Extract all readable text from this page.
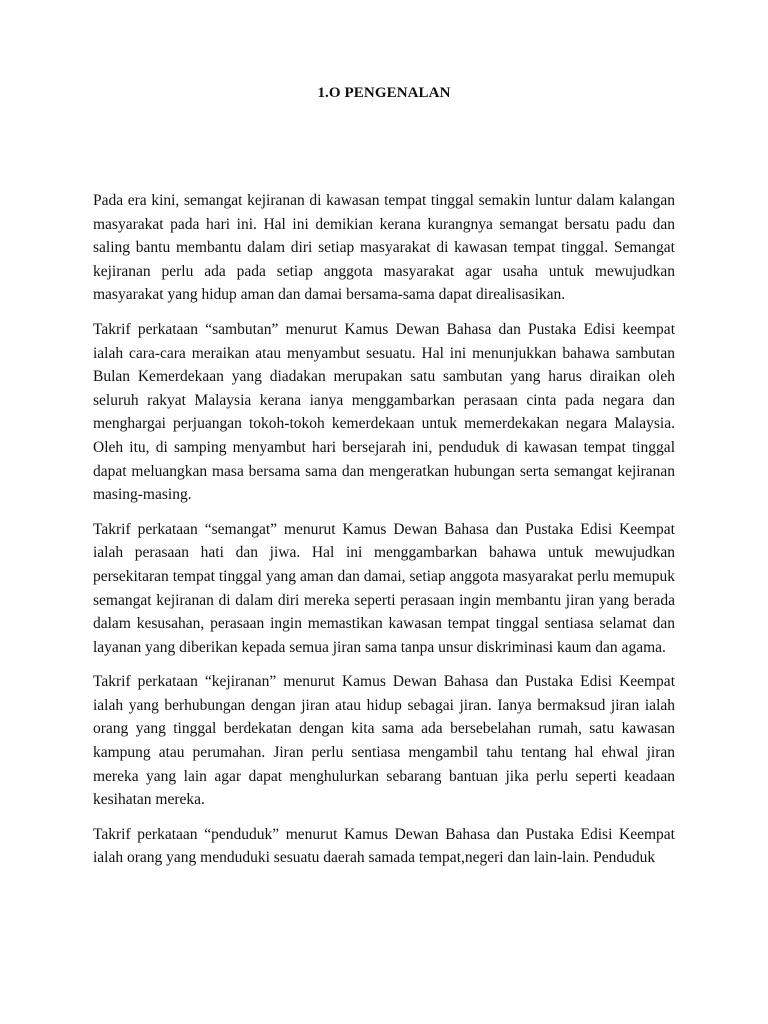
1.O PENGENALAN

Pada era kini, semangat kejiranan di kawasan tempat tinggal semakin luntur dalam kalangan masyarakat pada hari ini. Hal ini demikian kerana kurangnya semangat bersatu padu dan saling bantu membantu dalam diri setiap masyarakat di kawasan tempat tinggal. Semangat kejiranan perlu ada pada setiap anggota masyarakat agar usaha untuk mewujudkan masyarakat yang hidup aman dan damai bersama-sama dapat direalisasikan.

Takrif perkataan “sambutan” menurut Kamus Dewan Bahasa dan Pustaka Edisi keempat ialah cara-cara meraikan atau menyambut sesuatu. Hal ini menunjukkan bahawa sambutan Bulan Kemerdekaan yang diadakan merupakan satu sambutan yang harus diraikan oleh seluruh rakyat Malaysia kerana ianya menggambarkan perasaan cinta pada negara dan menghargai perjuangan tokoh-tokoh kemerdekaan untuk memerdekakan negara Malaysia. Oleh itu, di samping menyambut hari bersejarah ini, penduduk di kawasan tempat tinggal dapat meluangkan masa bersama sama dan mengeratkan hubungan serta semangat kejiranan masing-masing.

Takrif perkataan “semangat” menurut Kamus Dewan Bahasa dan Pustaka Edisi Keempat ialah perasaan hati dan jiwa. Hal ini menggambarkan bahawa untuk mewujudkan persekitaran tempat tinggal yang aman dan damai, setiap anggota masyarakat perlu memupuk semangat kejiranan di dalam diri mereka seperti perasaan ingin membantu jiran yang berada dalam kesusahan, perasaan ingin memastikan kawasan tempat tinggal sentiasa selamat dan layanan yang diberikan kepada semua jiran sama tanpa unsur diskriminasi kaum dan agama.

Takrif perkataan “kejiranan” menurut Kamus Dewan Bahasa dan Pustaka Edisi Keempat ialah yang berhubungan dengan jiran atau hidup sebagai jiran. Ianya bermaksud jiran ialah orang yang tinggal berdekatan dengan kita sama ada bersebelahan rumah, satu kawasan kampung atau perumahan. Jiran perlu sentiasa mengambil tahu tentang hal ehwal jiran mereka yang lain agar dapat menghulurkan sebarang bantuan jika perlu seperti keadaan kesihatan mereka.

Takrif perkataan “penduduk” menurut Kamus Dewan Bahasa dan Pustaka Edisi Keempat ialah orang yang menduduki sesuatu daerah samada tempat,negeri dan lain-lain. Penduduk
